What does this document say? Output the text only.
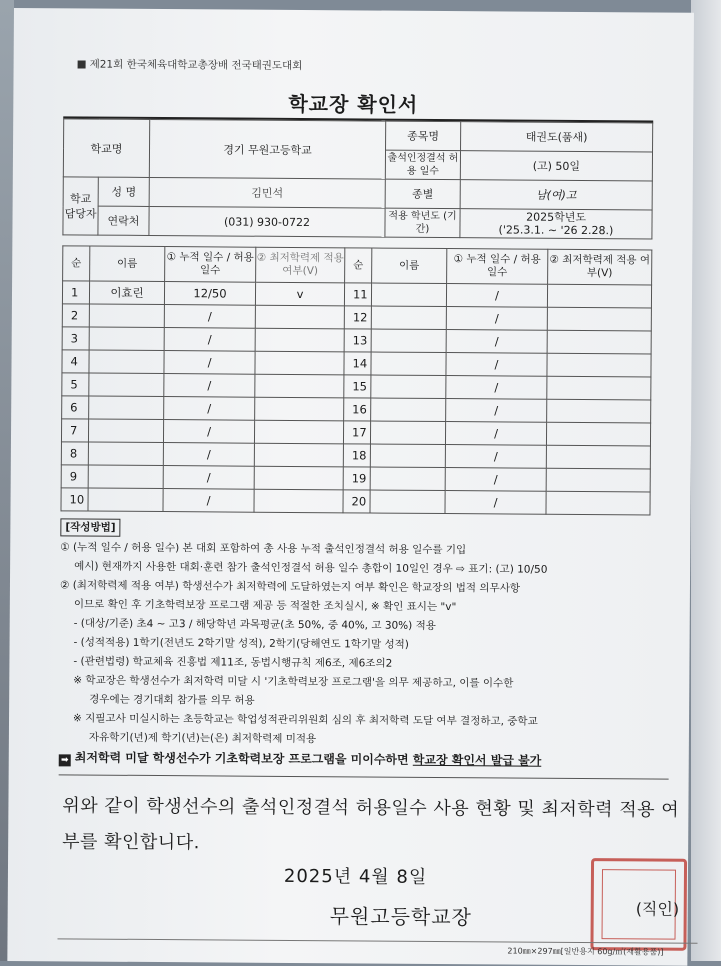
제21회 한국체육대학교총장배 전국태권도대회
학교장 확인서
학교명		경기 무원고등학교	종목명	태권도(품새)
			출석인정결석 허용 일수	(고) 50일
학교 담당자	성 명	김민석	종별	남(여)고
	연락처	(031) 930-0722	적용 학년도 (기간)	2025학년도
('25.3.1. ~ '26 2.28.)
순	이름	① 누적 일수 / 허용 일수	② 최저학력제 적용 여부(V)	순	이름	① 누적 일수 / 허용 일수	② 최저학력제 적용 여부(V)
1	이효린	12/50	v	11		/	
2		/		12		/	
3		/		13		/	
4		/		14		/	
5		/		15		/	
6		/		16		/	
7		/		17		/	
8		/		18		/	
9		/		19		/	
10		/		20		/	
[작성방법]
① (누적 일수 / 허용 일수) 본 대회 포함하여 총 사용 누적 출석인정결석 허용 일수를 기입
예시) 현재까지 사용한 대회·훈련 참가 출석인정결석 허용 일수 총합이 10일인 경우 ⇨ 표기: (고) 10/50
② (최저학력제 적용 여부) 학생선수가 최저학력에 도달하였는지 여부 확인은 학교장의 법적 의무사항
이므로 확인 후 기초학력보장 프로그램 제공 등 적절한 조치실시, ※ 확인 표시는 "v"
- (대상/기준) 초4 ~ 고3 / 해당학년 과목평균(초 50%, 중 40%, 고 30%) 적용
- (성적적용) 1학기(전년도 2학기말 성적), 2학기(당해연도 1학기말 성적)
- (관련법령) 학교체육 진흥법 제11조, 동법시행규칙 제6조, 제6조의2
※ 학교장은 학생선수가 최저학력 미달 시 '기초학력보장 프로그램'을 의무 제공하고, 이를 이수한
경우에는 경기대회 참가를 의무 허용
※ 지필고사 미실시하는 초등학교는 학업성적관리위원회 심의 후 최저학력 도달 여부 결정하고, 중학교
자유학기(년)제 학기(년)는(은) 최저학력제 미적용
➡ 최저학력 미달 학생선수가 기초학력보장 프로그램을 미이수하면 학교장 확인서 발급 불가
위와 같이 학생선수의 출석인정결석 허용일수 사용 현황 및 최저학력 적용 여부를 확인합니다.
2025년 4월 8일
무원고등학교장	(직인)
210㎜×297㎜[일반용지 60g/㎡(재활용품)]
